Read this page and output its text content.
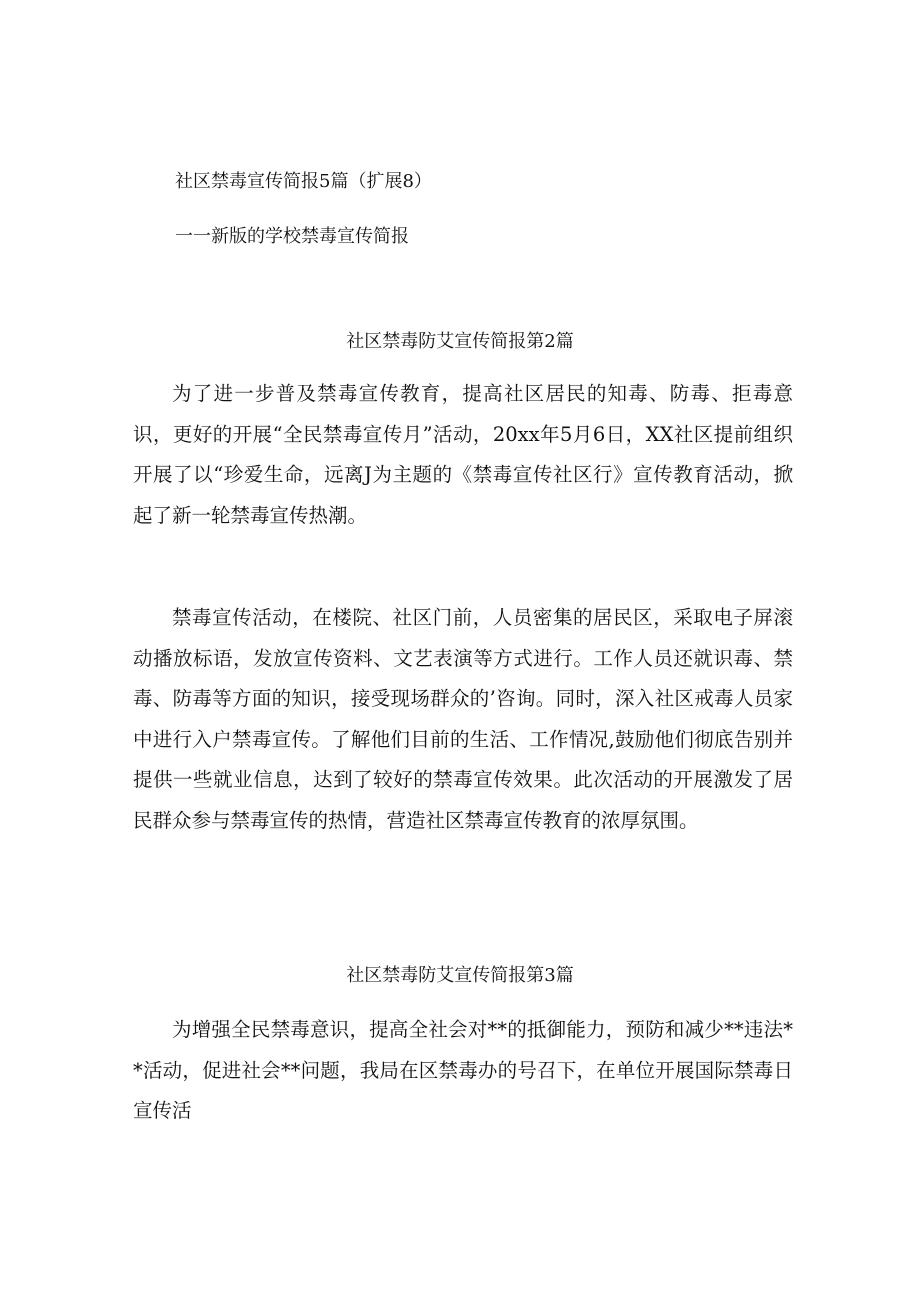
社区禁毒宣传简报5篇（扩展8）
一一新版的学校禁毒宣传简报
社区禁毒防艾宣传简报第2篇

为了进一步普及禁毒宣传教育，提高社区居民的知毒、防毒、拒毒意识，更好的开展“全民禁毒宣传月”活动，20xx年5月6日，XX社区提前组织开展了以“珍爱生命，远离J为主题的《禁毒宣传社区行》宣传教育活动，掀起了新一轮禁毒宣传热潮。

禁毒宣传活动，在楼院、社区门前，人员密集的居民区，采取电子屏滚动播放标语，发放宣传资料、文艺表演等方式进行。工作人员还就识毒、禁毒、防毒等方面的知识，接受现场群众的’咨询。同时，深入社区戒毒人员家中进行入户禁毒宣传。了解他们目前的生活、工作情况,鼓励他们彻底告别并提供一些就业信息，达到了较好的禁毒宣传效果。此次活动的开展激发了居民群众参与禁毒宣传的热情，营造社区禁毒宣传教育的浓厚氛围。

社区禁毒防艾宣传简报第3篇

为增强全民禁毒意识，提高全社会对**的抵御能力，预防和减少**违法**活动，促进社会**问题，我局在区禁毒办的号召下，在单位开展国际禁毒日宣传活
